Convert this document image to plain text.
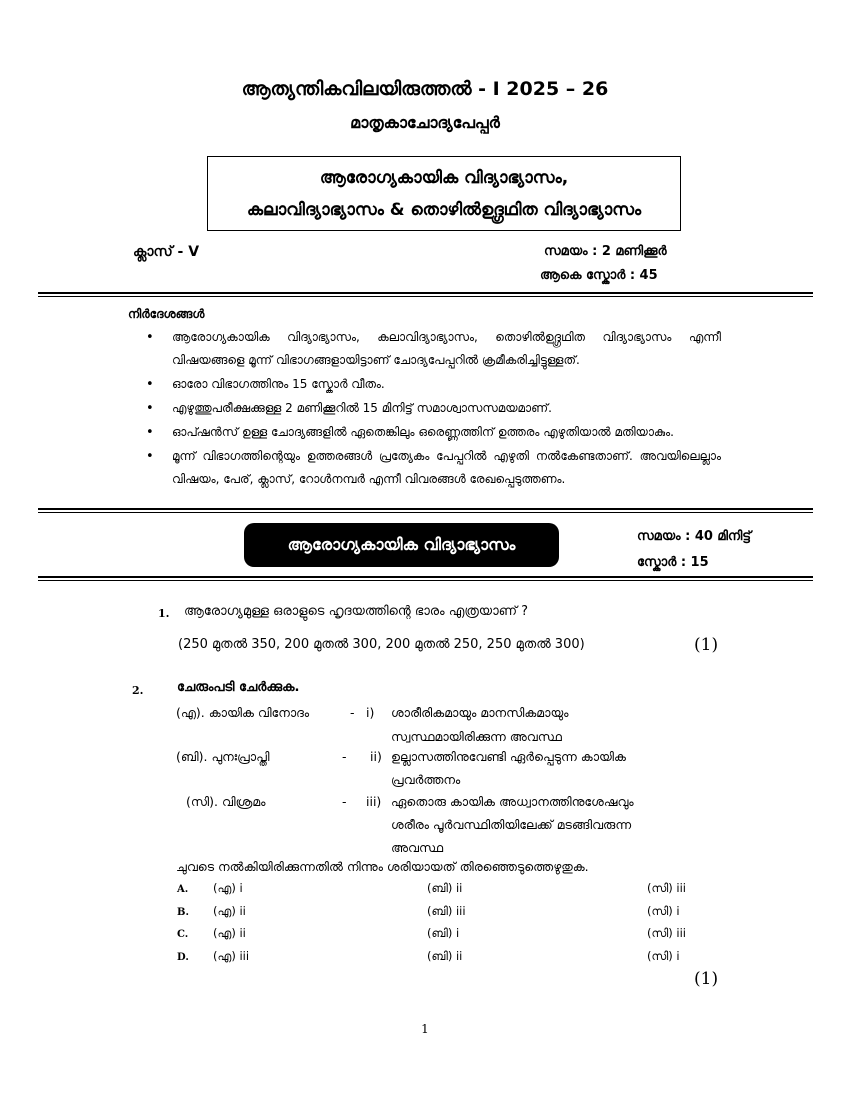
ആത്യന്തികവിലയിരുത്തൽ - I 2025 – 26
മാതൃകാചോദ്യപേപ്പർ
ആരോഗ്യകായിക വിദ്യാഭ്യാസം,
കലാവിദ്യാഭ്യാസം & തൊഴിൽഉദ്ഗ്രഥിത വിദ്യാഭ്യാസം
ക്ലാസ് - V	സമയം : 2 മണിക്കൂർ
ആകെ സ്കോർ : 45
നിർദേശങ്ങൾ
• ആരോഗ്യകായിക വിദ്യാഭ്യാസം, കലാവിദ്യാഭ്യാസം, തൊഴിൽഉദ്ഗ്രഥിത വിദ്യാഭ്യാസം എന്നീ വിഷയങ്ങളെ മൂന്ന് വിഭാഗങ്ങളായിട്ടാണ് ചോദ്യപേപ്പറിൽ ക്രമീകരിച്ചിട്ടുള്ളത്.
• ഓരോ വിഭാഗത്തിനും 15 സ്കോർ വീതം.
• എഴുത്തുപരീക്ഷക്കുള്ള 2 മണിക്കൂറിൽ 15 മിനിട്ട് സമാശ്വാസസമയമാണ്.
• ഓപ്ഷൻസ് ഉള്ള ചോദ്യങ്ങളിൽ ഏതെങ്കിലും ഒരെണ്ണത്തിന് ഉത്തരം എഴുതിയാൽ മതിയാകും.
• മൂന്ന് വിഭാഗത്തിന്റെയും ഉത്തരങ്ങൾ പ്രത്യേകം പേപ്പറിൽ എഴുതി നൽകേണ്ടതാണ്. അവയിലെല്ലാം വിഷയം, പേര്, ക്ലാസ്, റോൾനമ്പർ എന്നീ വിവരങ്ങൾ രേഖപ്പെടുത്തണം.
ആരോഗ്യകായിക വിദ്യാഭ്യാസം	സമയം : 40 മിനിട്ട്
സ്കോർ : 15
1. ആരോഗ്യമുള്ള ഒരാളുടെ ഹൃദയത്തിന്റെ ഭാരം എത്രയാണ് ?
(250 മുതൽ 350, 200 മുതൽ 300, 200 മുതൽ 250, 250 മുതൽ 300)	(1)
2.	ചേരുംപടി ചേർക്കുക.
(എ). കായിക വിനോദം	- i) ശാരീരികമായും മാനസികമായും
സ്വസ്ഥമായിരിക്കുന്ന അവസ്ഥ
(ബി). പുനഃപ്രാപ്തി	- ii) ഉല്ലാസത്തിനുവേണ്ടി ഏർപ്പെടുന്ന കായിക
പ്രവർത്തനം
(സി). വിശ്രമം	- iii) ഏതൊരു കായിക അധ്വാനത്തിനുശേഷവും
ശരീരം പൂർവസ്ഥിതിയിലേക്ക് മടങ്ങിവരുന്ന
അവസ്ഥ
ചുവടെ നൽകിയിരിക്കുന്നതിൽ നിന്നും ശരിയായത് തിരഞ്ഞെടുത്തെഴുതുക.
A. (എ) i	(ബി) ii	(സി) iii
B. (എ) ii	(ബി) iii	(സി) i
C. (എ) ii	(ബി) i	(സി) iii
D. (എ) iii	(ബി) ii	(സി) i
(1)
1
